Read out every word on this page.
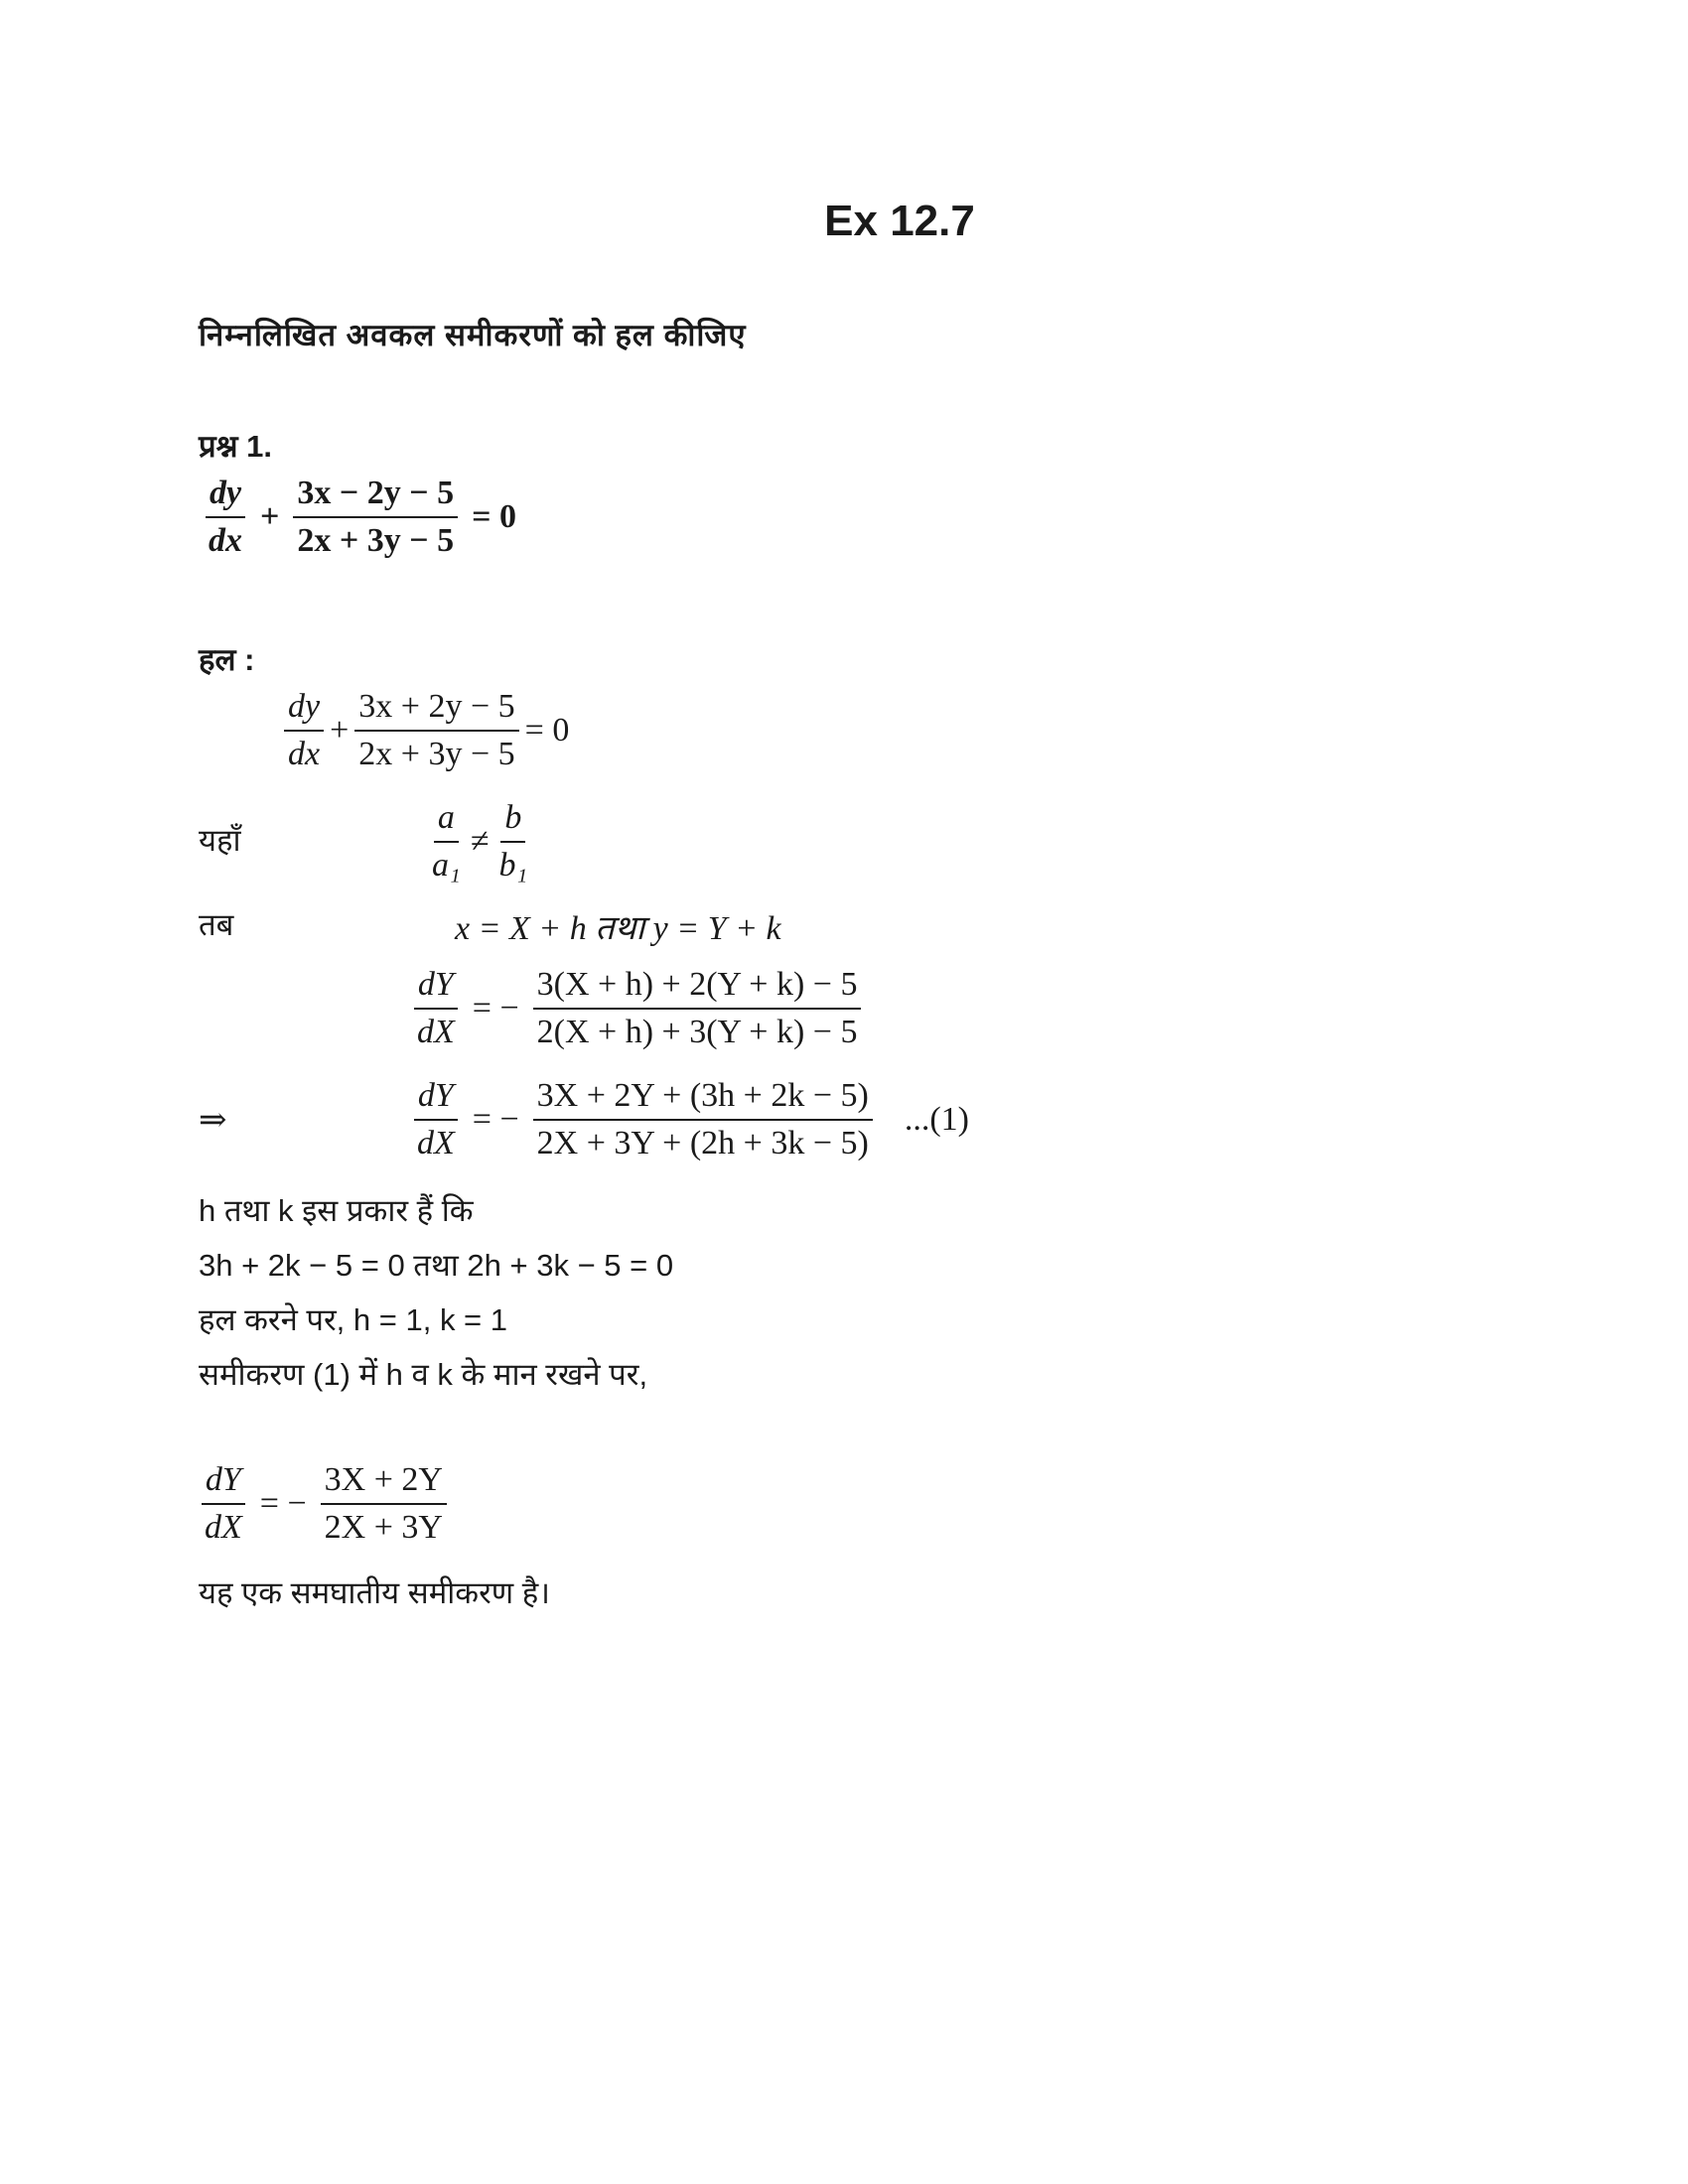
Ex 12.7
निम्नलिखित अवकल समीकरणों को हल कीजिए
प्रश्न 1.
$\frac{dy}{dx} + \frac{3x - 2y - 5}{2x + 3y - 5} = 0$
हल :
$\frac{dy}{dx} + \frac{3x + 2y - 5}{2x + 3y - 5} = 0$
यहाँ	$\frac{a}{\text{a₁}} \ne \frac{b}{\text{b₁}}$
तब	x = X + h तथा y = Y + k
$\frac{dY}{dX}$ = − $\frac{3(X + h) + 2(Y + k) - 5}{2(X + h) + 3(Y + k) - 5}$
⇒	$\frac{dY}{dX}$ = − $\frac{3X + 2Y + (3h + 2k - 5)}{2X + 3Y + (2h + 3k - 5)} ...(1)$
h तथा k इस प्रकार हैं कि
3h + 2k − 5 = 0 तथा 2h + 3k − 5 = 0
हल करने पर, h = 1, k = 1
समीकरण (1) में h व k के मान रखने पर,
$\frac{dY}{dX}$ = − $\frac{3X + 2Y}{2X + 3Y}$
यह एक समघातीय समीकरण है।
